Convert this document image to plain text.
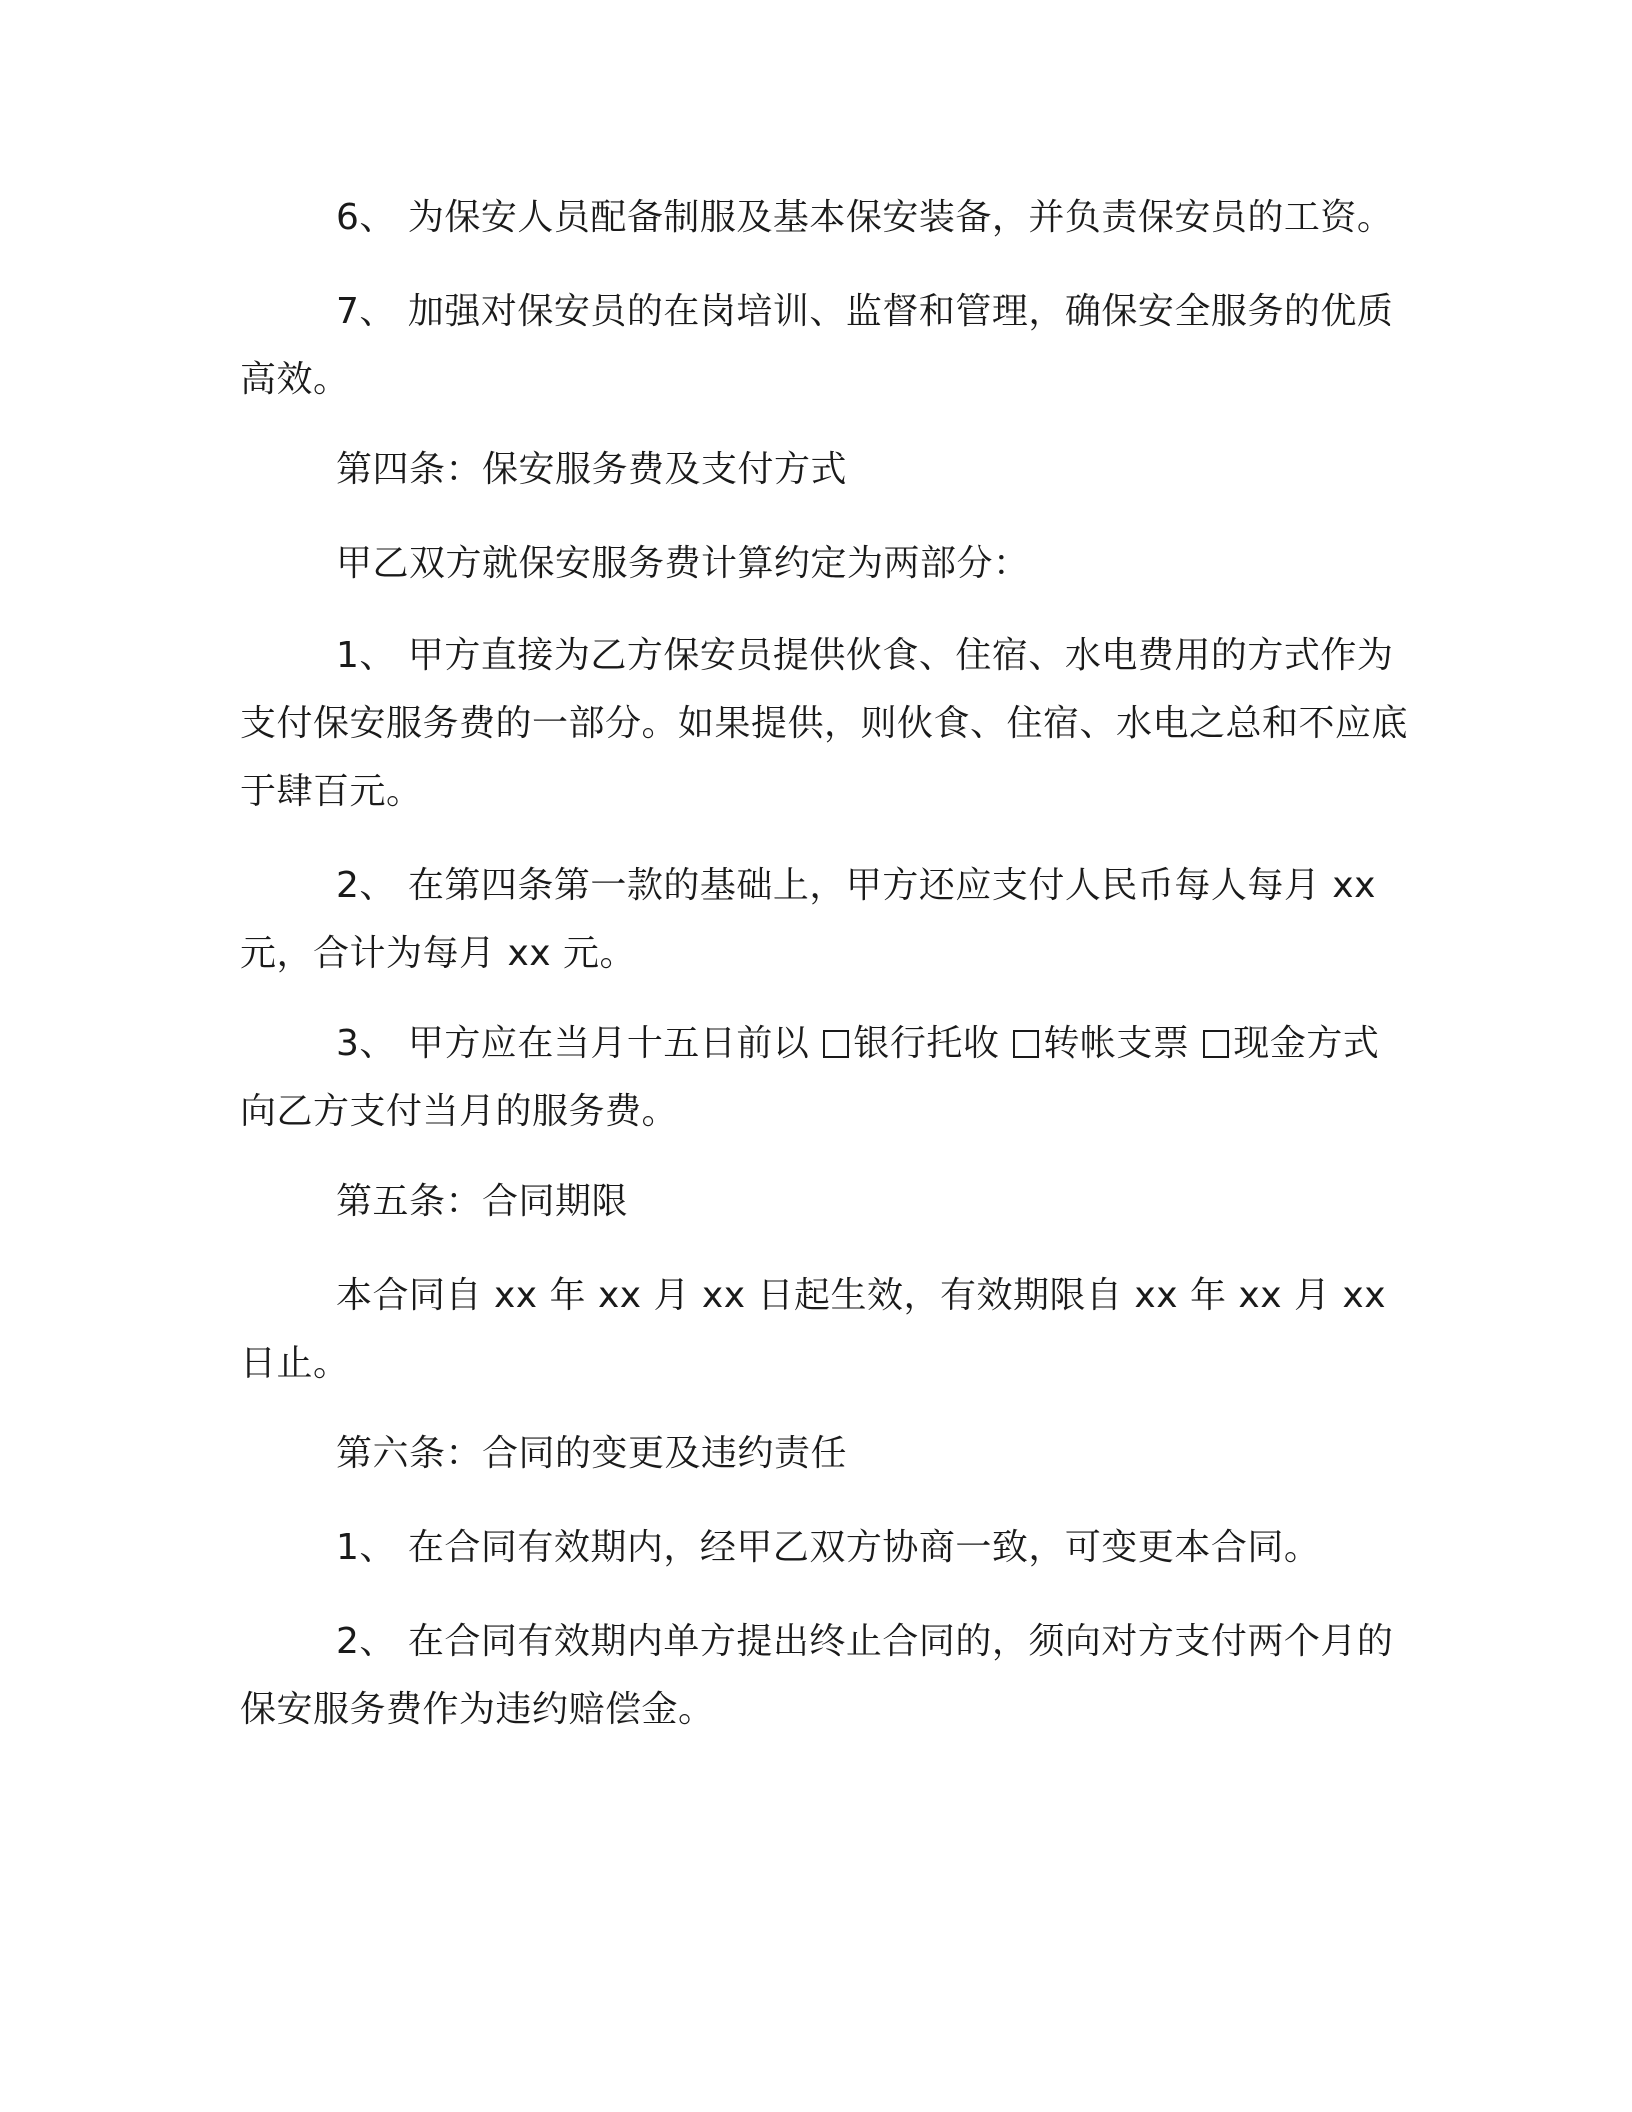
6、 为保安人员配备制服及基本保安装备，并负责保安员的工资。

7、 加强对保安员的在岗培训、监督和管理，确保安全服务的优质高效。

第四条：保安服务费及支付方式

甲乙双方就保安服务费计算约定为两部分：

1、 甲方直接为乙方保安员提供伙食、住宿、水电费用的方式作为支付保安服务费的一部分。如果提供，则伙食、住宿、水电之总和不应底于肆百元。

2、 在第四条第一款的基础上，甲方还应支付人民币每人每月 xx 元，合计为每月 xx 元。

3、 甲方应在当月十五日前以 银行托收 转帐支票 现金方式向乙方支付当月的服务费。

第五条：合同期限

本合同自 xx 年 xx 月 xx 日起生效，有效期限自 xx 年 xx 月 xx 日止。

第六条：合同的变更及违约责任

1、 在合同有效期内，经甲乙双方协商一致，可变更本合同。

2、 在合同有效期内单方提出终止合同的，须向对方支付两个月的保安服务费作为违约赔偿金。
